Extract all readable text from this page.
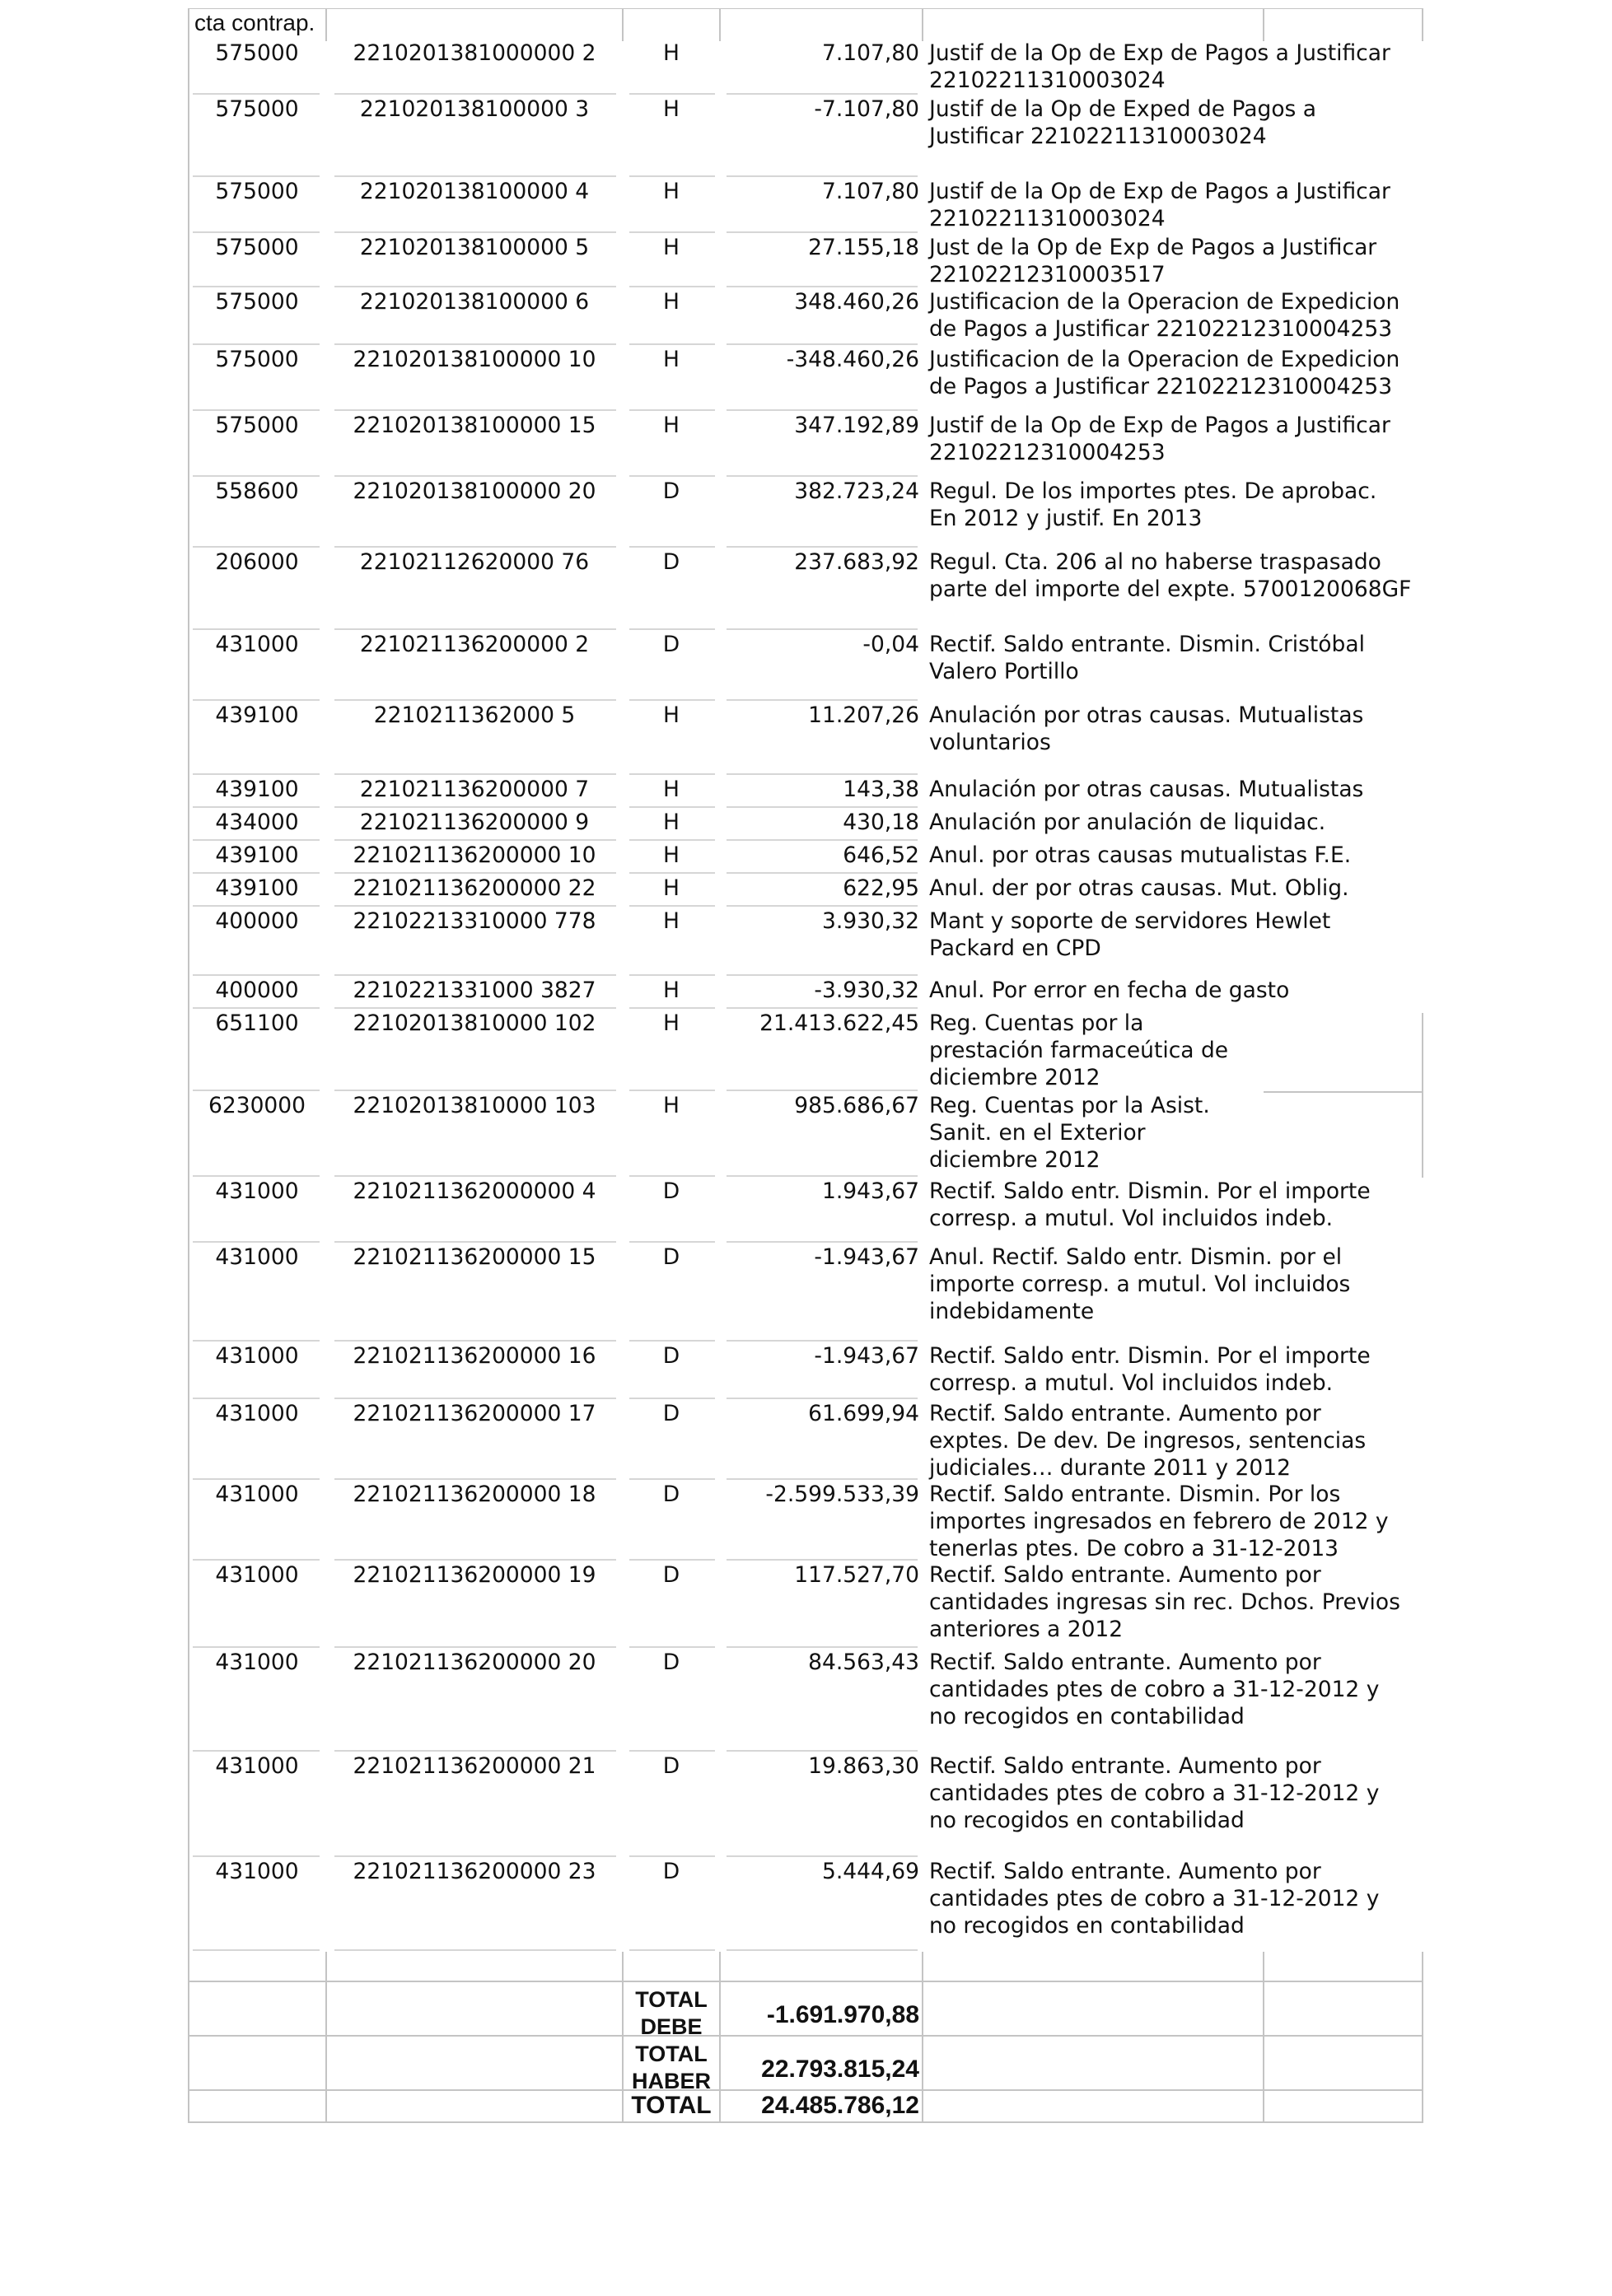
cta contrap.
575000	2210201381000000 2	H	7.107,80 Justif de la Op de Exp de Pagos a Justificar
22102211310003024
575000	221020138100000 3	H	-7.107,80 Justif de la Op de Exped de Pagos a
Justificar 22102211310003024
575000	221020138100000 4	H	7.107,80 Justif de la Op de Exp de Pagos a Justificar
22102211310003024
575000	221020138100000 5	H	27.155,18 Just de la Op de Exp de Pagos a Justificar
22102212310003517
575000	221020138100000 6	H	348.460,26 Justificacion de la Operacion de Expedicion
de Pagos a Justificar 22102212310004253
575000	221020138100000 10	H	-348.460,26 Justificacion de la Operacion de Expedicion
de Pagos a Justificar 22102212310004253
575000	221020138100000 15	H	347.192,89 Justif de la Op de Exp de Pagos a Justificar
22102212310004253
558600	221020138100000 20	D	382.723,24 Regul. De los importes ptes. De aprobac.
En 2012 y justif. En 2013
206000	22102112620000 76	D	237.683,92 Regul. Cta. 206 al no haberse traspasado
parte del importe del expte. 5700120068GF
431000	221021136200000 2	D	-0,04 Rectif. Saldo entrante. Dismin. Cristóbal
Valero Portillo
439100	2210211362000 5	H	11.207,26 Anulación por otras causas. Mutualistas
voluntarios
439100	221021136200000 7	H	143,38 Anulación por otras causas. Mutualistas
434000	221021136200000 9	H	430,18 Anulación por anulación de liquidac.
439100	221021136200000 10	H	646,52 Anul. por otras causas mutualistas F.E.
439100	221021136200000 22	H	622,95 Anul. der por otras causas. Mut. Oblig.
400000	22102213310000 778	H	3.930,32 Mant y soporte de servidores Hewlet
Packard en CPD
400000	2210221331000 3827	H	-3.930,32 Anul. Por error en fecha de gasto
651100	22102013810000 102	H	21.413.622,45 Reg. Cuentas por la
prestación farmaceútica de
diciembre 2012
6230000	22102013810000 103	H	985.686,67 Reg. Cuentas por la Asist.
Sanit. en el Exterior
diciembre 2012
431000	2210211362000000 4	D	1.943,67 Rectif. Saldo entr. Dismin. Por el importe
corresp. a mutul. Vol incluidos indeb.
431000	221021136200000 15	D	-1.943,67 Anul. Rectif. Saldo entr. Dismin. por el
importe corresp. a mutul. Vol incluidos
indebidamente
431000	221021136200000 16	D	-1.943,67 Rectif. Saldo entr. Dismin. Por el importe
corresp. a mutul. Vol incluidos indeb.
431000	221021136200000 17	D	61.699,94 Rectif. Saldo entrante. Aumento por
exptes. De dev. De ingresos, sentencias
judiciales… durante 2011 y 2012
431000	221021136200000 18	D	-2.599.533,39 Rectif. Saldo entrante. Dismin. Por los
importes ingresados en febrero de 2012 y
tenerlas ptes. De cobro a 31-12-2013
431000	221021136200000 19	D	117.527,70 Rectif. Saldo entrante. Aumento por
cantidades ingresas sin rec. Dchos. Previos
anteriores a 2012
431000	221021136200000 20	D	84.563,43 Rectif. Saldo entrante. Aumento por
cantidades ptes de cobro a 31-12-2012 y
no recogidos en contabilidad
431000	221021136200000 21	D	19.863,30 Rectif. Saldo entrante. Aumento por
cantidades ptes de cobro a 31-12-2012 y
no recogidos en contabilidad
431000	221021136200000 23	D	5.444,69 Rectif. Saldo entrante. Aumento por
cantidades ptes de cobro a 31-12-2012 y
no recogidos en contabilidad
TOTAL
DEBE	-1.691.970,88
TOTAL
HABER	22.793.815,24
TOTAL	24.485.786,12
